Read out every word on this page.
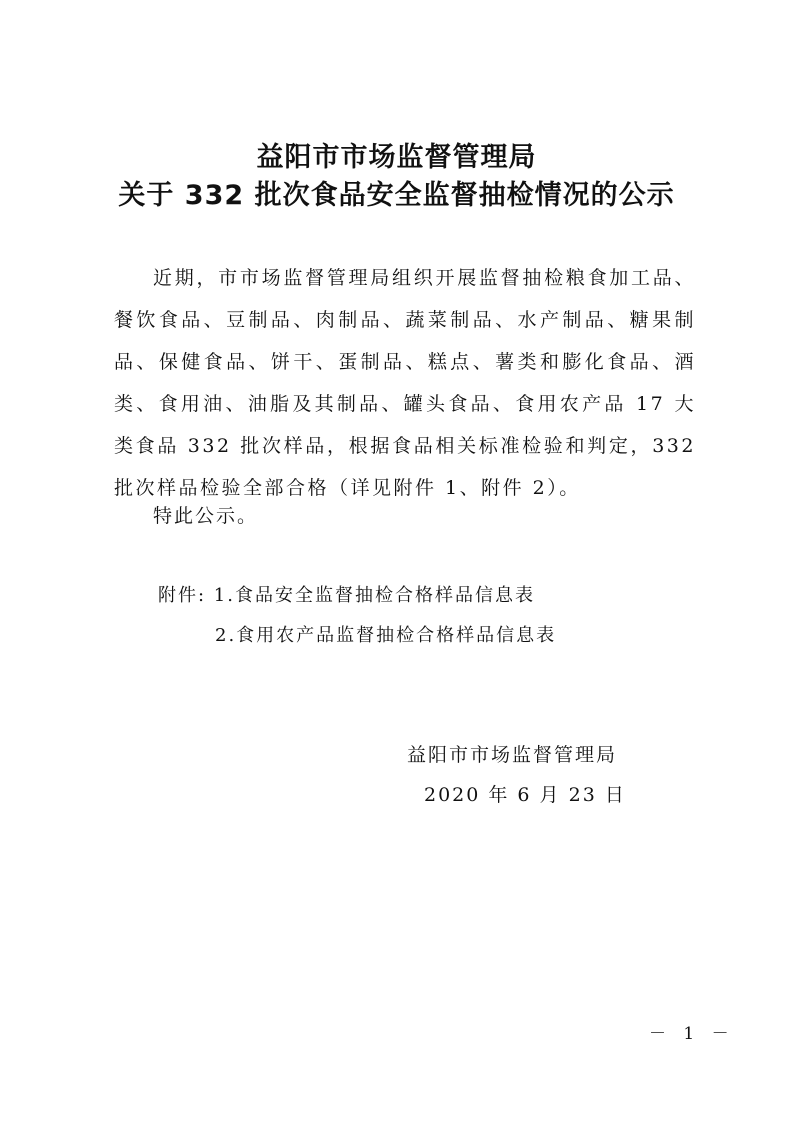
益阳市市场监督管理局
关于 332 批次食品安全监督抽检情况的公示

近期，市市场监督管理局组织开展监督抽检粮食加工品、餐饮食品、豆制品、肉制品、蔬菜制品、水产制品、糖果制品、保健食品、饼干、蛋制品、糕点、薯类和膨化食品、酒类、食用油、油脂及其制品、罐头食品、食用农产品 17 大类食品 332 批次样品，根据食品相关标准检验和判定，332 批次样品检验全部合格（详见附件 1、附件 2）。

特此公示。

附件: 1.食品安全监督抽检合格样品信息表

2.食用农产品监督抽检合格样品信息表

益阳市市场监督管理局

2020 年 6 月 23 日

－ 1 －
